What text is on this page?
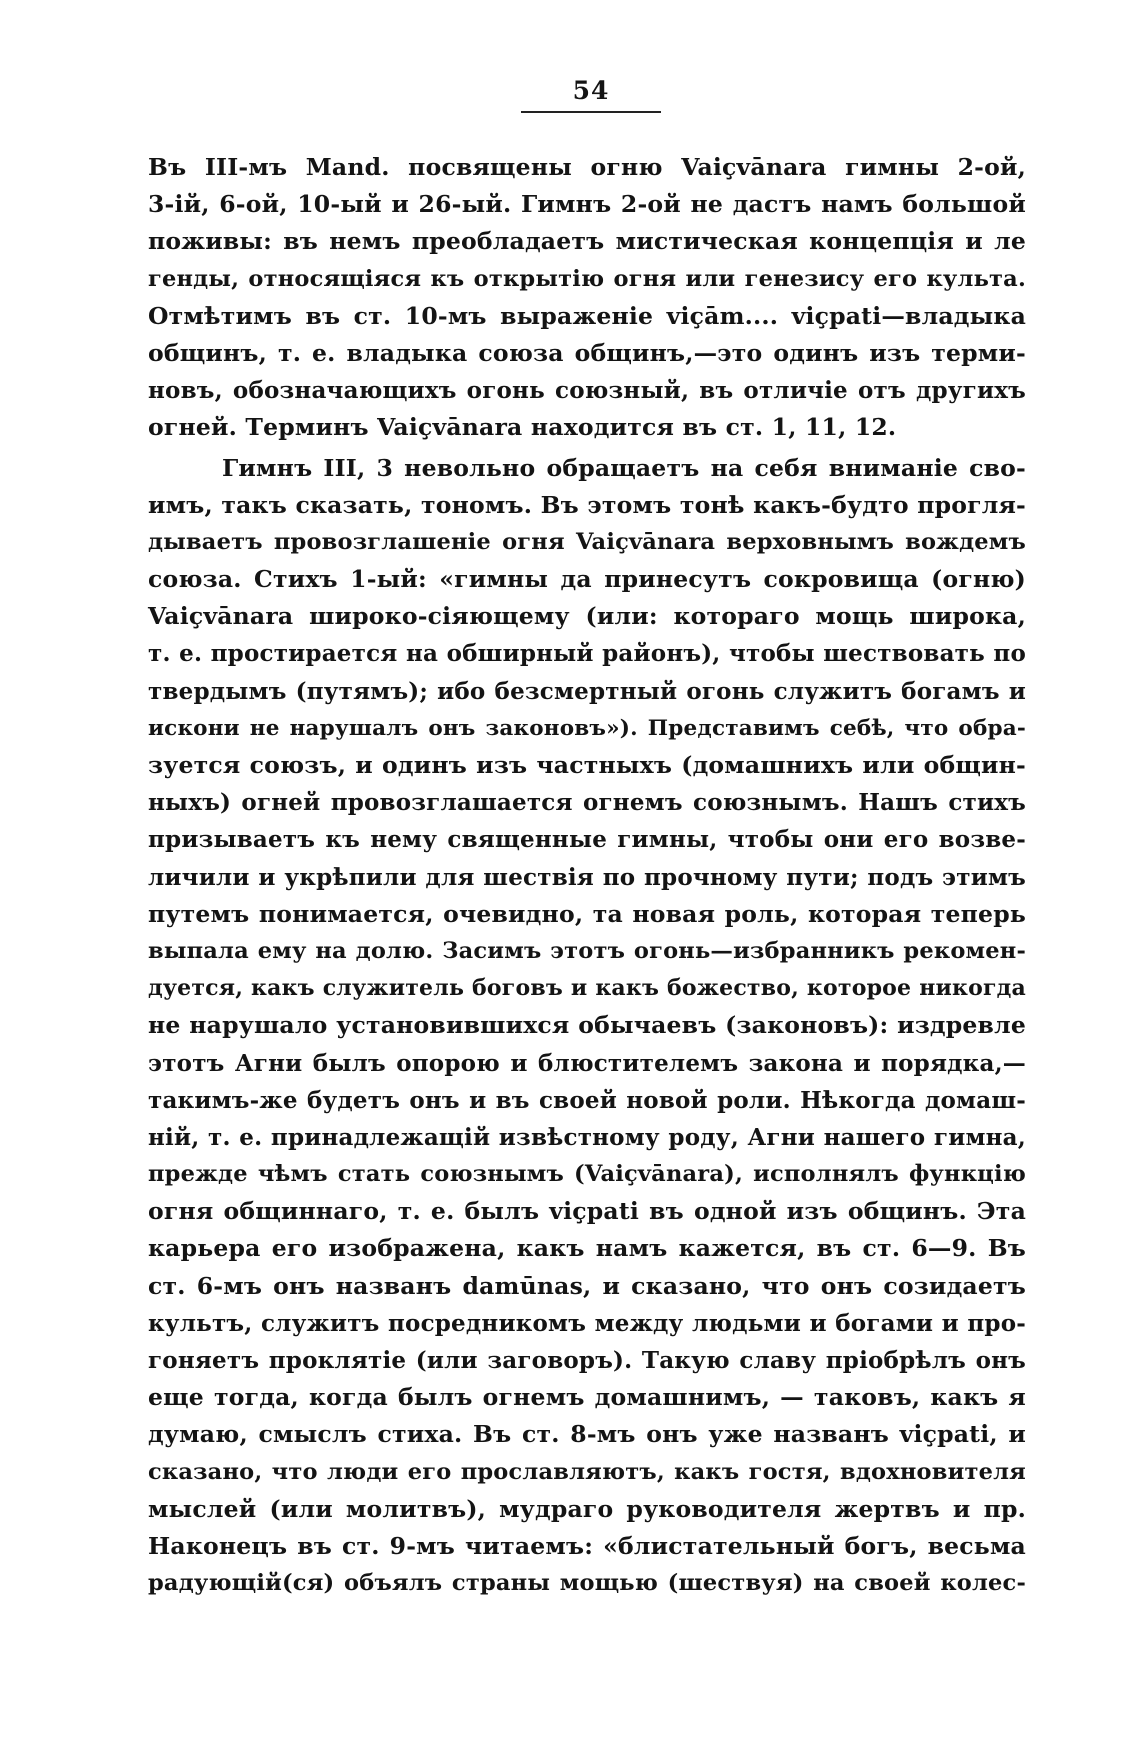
54
Въ III-мъ Mand. посвящены огню Vaiçvānara гимны 2-ой,
3-ій, 6-ой, 10-ый и 26-ый. Гимнъ 2-ой не дастъ намъ большой
поживы: въ немъ преобладаетъ мистическая концепція и ле
генды, относящіяся къ открытію огня или генезису его культа.
Отмѣтимъ въ ст. 10-мъ выраженіе viçām.... viçpati—владыка
общинъ, т. е. владыка союза общинъ,—это одинъ изъ терми-
новъ, обозначающихъ огонь союзный, въ отличіе отъ другихъ
огней. Терминъ Vaiçvānara находится въ ст. 1, 11, 12.
Гимнъ III, 3 невольно обращаетъ на себя вниманіе сво-
имъ, такъ сказать, тономъ. Въ этомъ тонѣ какъ-будто прогля-
дываетъ провозглашеніе огня Vaiçvānara верховнымъ вождемъ
союза. Стихъ 1-ый: «гимны да принесутъ сокровища (огню)
Vaiçvānara широко-сіяющему (или: котораго мощь широка,
т. е. простирается на обширный районъ), чтобы шествовать по
твердымъ (путямъ); ибо безсмертный огонь служитъ богамъ и
искони не нарушалъ онъ законовъ»). Представимъ себѣ, что обра-
зуется союзъ, и одинъ изъ частныхъ (домашнихъ или общин-
ныхъ) огней провозглашается огнемъ союзнымъ. Нашъ стихъ
призываетъ къ нему священные гимны, чтобы они его возве-
личили и укрѣпили для шествія по прочному пути; подъ этимъ
путемъ понимается, очевидно, та новая роль, которая теперь
выпала ему на долю. Засимъ этотъ огонь—избранникъ рекомен-
дуется, какъ служитель боговъ и какъ божество, которое никогда
не нарушало установившихся обычаевъ (законовъ): издревле
этотъ Агни былъ опорою и блюстителемъ закона и порядка,—
такимъ-же будетъ онъ и въ своей новой роли. Нѣкогда домаш-
ній, т. е. принадлежащій извѣстному роду, Агни нашего гимна,
прежде чѣмъ стать союзнымъ (Vaiçvānara), исполнялъ функцію
огня общиннаго, т. е. былъ viçpati въ одной изъ общинъ. Эта
карьера его изображена, какъ намъ кажется, въ ст. 6—9. Въ
ст. 6-мъ онъ названъ damūnas, и сказано, что онъ созидаетъ
культъ, служитъ посредникомъ между людьми и богами и про-
гоняетъ проклятіе (или заговоръ). Такую славу пріобрѣлъ онъ
еще тогда, когда былъ огнемъ домашнимъ, — таковъ, какъ я
думаю, смыслъ стиха. Въ ст. 8-мъ онъ уже названъ viçpati, и
сказано, что люди его прославляютъ, какъ гостя, вдохновителя
мыслей (или молитвъ), мудраго руководителя жертвъ и пр.
Наконецъ въ ст. 9-мъ читаемъ: «блистательный богъ, весьма
радующій(ся) объялъ страны мощью (шествуя) на своей колес-
